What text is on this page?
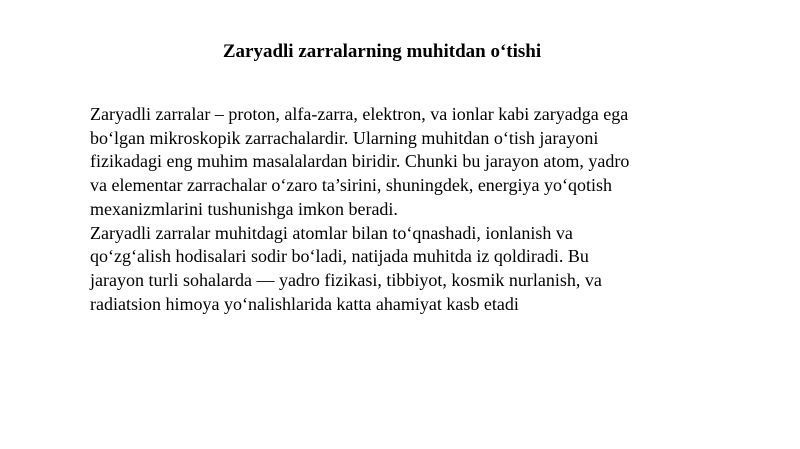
Zaryadli zarralarning muhitdan o‘tishi
Zaryadli zarralar – proton, alfa-zarra, elektron, va ionlar kabi zaryadga ega
bo‘lgan mikroskopik zarrachalardir. Ularning muhitdan o‘tish jarayoni
fizikadagi eng muhim masalalardan biridir. Chunki bu jarayon atom, yadro
va elementar zarrachalar o‘zaro ta’sirini, shuningdek, energiya yo‘qotish
mexanizmlarini tushunishga imkon beradi.
Zaryadli zarralar muhitdagi atomlar bilan to‘qnashadi, ionlanish va
qo‘zg‘alish hodisalari sodir bo‘ladi, natijada muhitda iz qoldiradi. Bu
jarayon turli sohalarda — yadro fizikasi, tibbiyot, kosmik nurlanish, va
radiatsion himoya yo‘nalishlarida katta ahamiyat kasb etadi
